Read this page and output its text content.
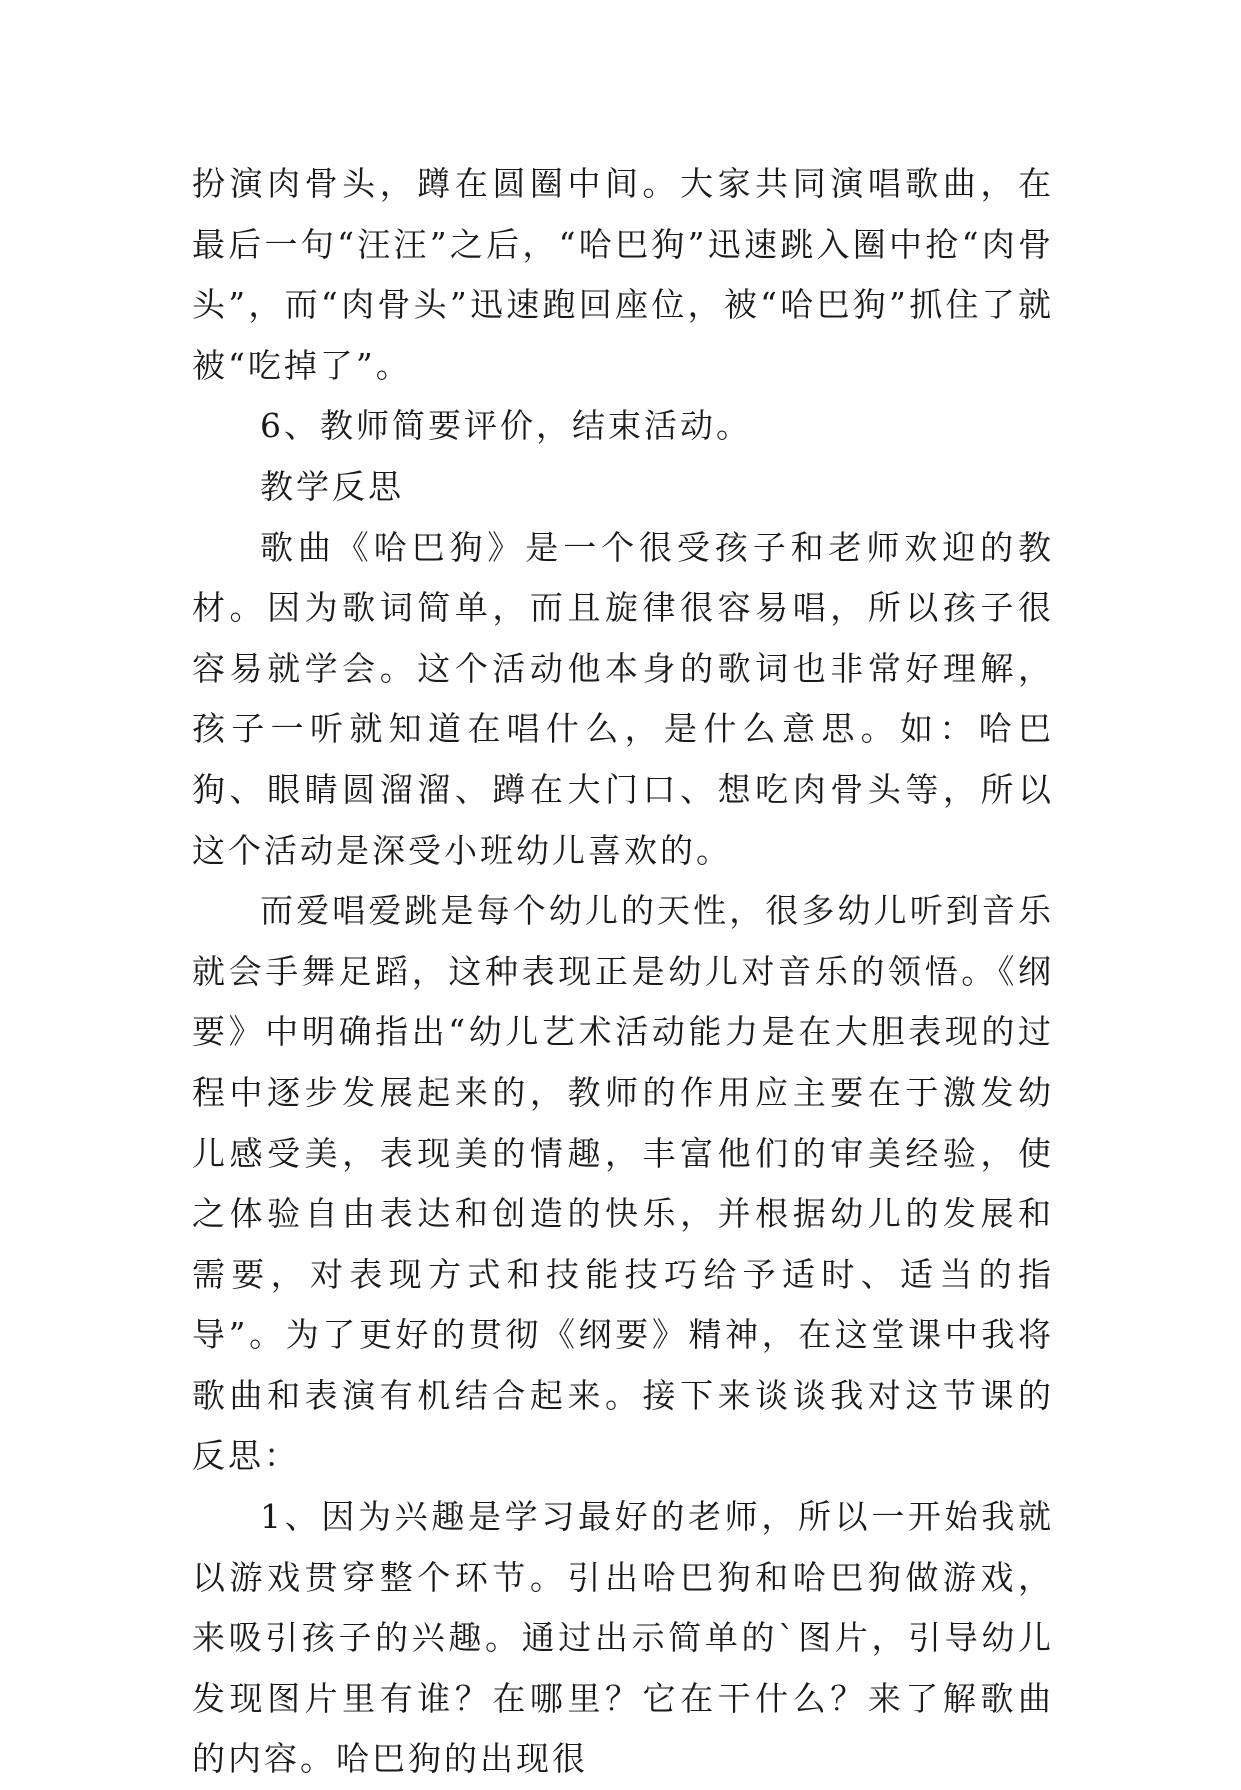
扮演肉骨头，蹲在圆圈中间。大家共同演唱歌曲，在最后一句“汪汪”之后，“哈巴狗”迅速跳入圈中抢“肉骨头”，而“肉骨头”迅速跑回座位，被“哈巴狗”抓住了就被“吃掉了”。

6、教师简要评价，结束活动。

教学反思

歌曲《哈巴狗》是一个很受孩子和老师欢迎的教材。因为歌词简单，而且旋律很容易唱，所以孩子很容易就学会。这个活动他本身的歌词也非常好理解，孩子一听就知道在唱什么，是什么意思。如：哈巴狗、眼睛圆溜溜、蹲在大门口、想吃肉骨头等，所以这个活动是深受小班幼儿喜欢的。

而爱唱爱跳是每个幼儿的天性，很多幼儿听到音乐就会手舞足蹈，这种表现正是幼儿对音乐的领悟。《纲要》中明确指出“幼儿艺术活动能力是在大胆表现的过程中逐步发展起来的，教师的作用应主要在于激发幼儿感受美，表现美的情趣，丰富他们的审美经验，使之体验自由表达和创造的快乐，并根据幼儿的发展和需要，对表现方式和技能技巧给予适时、适当的指导”。为了更好的贯彻《纲要》精神，在这堂课中我将歌曲和表演有机结合起来。接下来谈谈我对这节课的反思：

1、因为兴趣是学习最好的老师，所以一开始我就以游戏贯穿整个环节。引出哈巴狗和哈巴狗做游戏，来吸引孩子的兴趣。通过出示简单的`图片，引导幼儿发现图片里有谁？在哪里？它在干什么？来了解歌曲的内容。哈巴狗的出现很
